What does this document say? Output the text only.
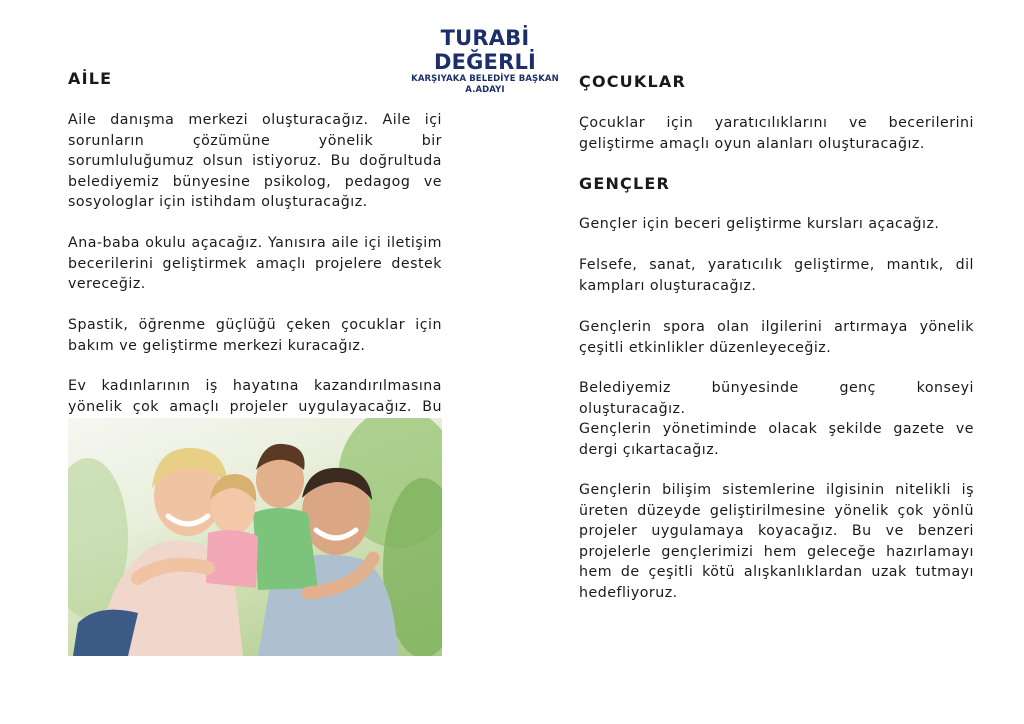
TURABİ DEĞERLİ
KARŞIYAKA BELEDİYE BAŞKAN
A.ADAYI
AİLE

Aile danışma merkezi oluşturacağız. Aile içi sorunların çözümüne yönelik bir sorumluluğumuz olsun istiyoruz. Bu doğrultuda belediyemiz bünyesine psikolog, pedagog ve sosyologlar için istihdam oluşturacağız.

Ana-baba okulu açacağız. Yanısıra aile içi iletişim becerilerini geliştirmek amaçlı projelere destek vereceğiz.

Spastik, öğrenme güçlüğü çeken çocuklar için bakım ve geliştirme merkezi kuracağız.

Ev kadınlarının iş hayatına kazandırılmasına yönelik çok amaçlı projeler uygulayacağız. Bu

ÇOCUKLAR

Çocuklar için yaratıcılıklarını ve becerilerini geliştirme amaçlı oyun alanları oluşturacağız.

GENÇLER

Gençler için beceri geliştirme kursları açacağız.

Felsefe, sanat, yaratıcılık geliştirme, mantık, dil kampları oluşturacağız.

Gençlerin spora olan ilgilerini artırmaya yönelik çeşitli etkinlikler düzenleyeceğiz.

Belediyemiz bünyesinde genç konseyi oluşturacağız.

Gençlerin yönetiminde olacak şekilde gazete ve dergi çıkartacağız.

Gençlerin bilişim sistemlerine ilgisinin nitelikli iş üreten düzeyde geliştirilmesine yönelik çok yönlü projeler uygulamaya koyacağız. Bu ve benzeri projelerle gençlerimizi hem geleceğe hazırlamayı hem de çeşitli kötü alışkanlıklardan uzak tutmayı hedefliyoruz.
